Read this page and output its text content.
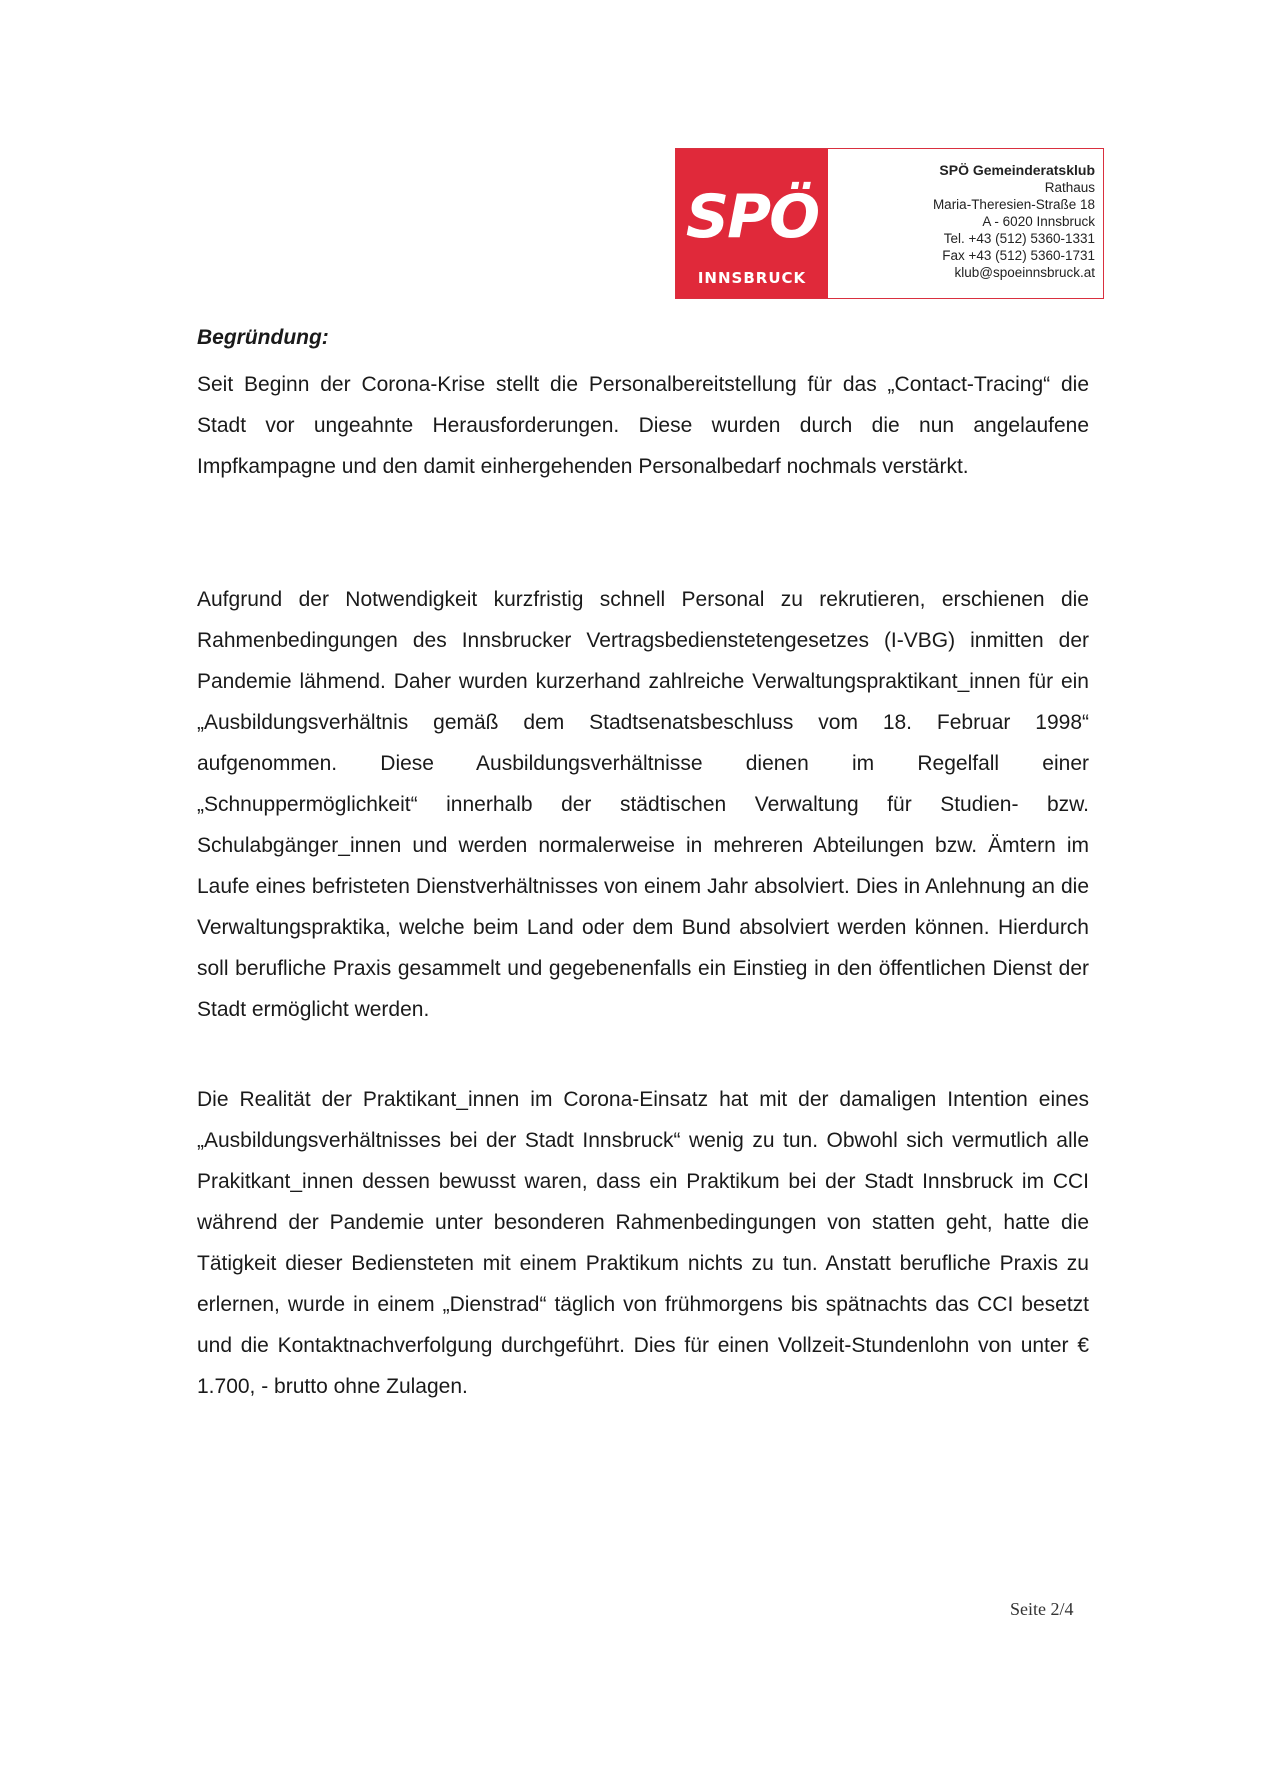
SPÖ
INNSBRUCK
SPÖ Gemeinderatsklub
Rathaus
Maria-Theresien-Straße 18
A - 6020 Innsbruck
Tel. +43 (512) 5360-1331
Fax +43 (512) 5360-1731
klub@spoeinnsbruck.at
Begründung:

Seit Beginn der Corona-Krise stellt die Personalbereitstellung für das „Contact-Tracing“ die Stadt vor ungeahnte Herausforderungen. Diese wurden durch die nun angelaufene Impfkampagne und den damit einhergehenden Personalbedarf nochmals verstärkt.

Aufgrund der Notwendigkeit kurzfristig schnell Personal zu rekrutieren, erschienen die Rahmenbedingungen des Innsbrucker Vertragsbedienstetengesetzes (I-VBG) inmitten der Pandemie lähmend. Daher wurden kurzerhand zahlreiche Verwaltungspraktikant_innen für ein „Ausbildungsverhältnis gemäß dem Stadtsenatsbeschluss vom 18. Februar 1998“ aufgenommen. Diese Ausbildungsverhältnisse dienen im Regelfall einer „Schnuppermöglichkeit“ innerhalb der städtischen Verwaltung für Studien- bzw. Schulabgänger_innen und werden normalerweise in mehreren Abteilungen bzw. Ämtern im Laufe eines befristeten Dienstverhältnisses von einem Jahr absolviert. Dies in Anlehnung an die Verwaltungspraktika, welche beim Land oder dem Bund absolviert werden können. Hierdurch soll berufliche Praxis gesammelt und gegebenenfalls ein Einstieg in den öffentlichen Dienst der Stadt ermöglicht werden.

Die Realität der Praktikant_innen im Corona-Einsatz hat mit der damaligen Intention eines „Ausbildungsverhältnisses bei der Stadt Innsbruck“ wenig zu tun. Obwohl sich vermutlich alle Prakitkant_innen dessen bewusst waren, dass ein Praktikum bei der Stadt Innsbruck im CCI während der Pandemie unter besonderen Rahmenbedingungen von statten geht, hatte die Tätigkeit dieser Bediensteten mit einem Praktikum nichts zu tun. Anstatt berufliche Praxis zu erlernen, wurde in einem „Dienstrad“ täglich von frühmorgens bis spätnachts das CCI besetzt und die Kontaktnachverfolgung durchgeführt. Dies für einen Vollzeit-Stundenlohn von unter € 1.700, - brutto ohne Zulagen.

Seite 2/4
